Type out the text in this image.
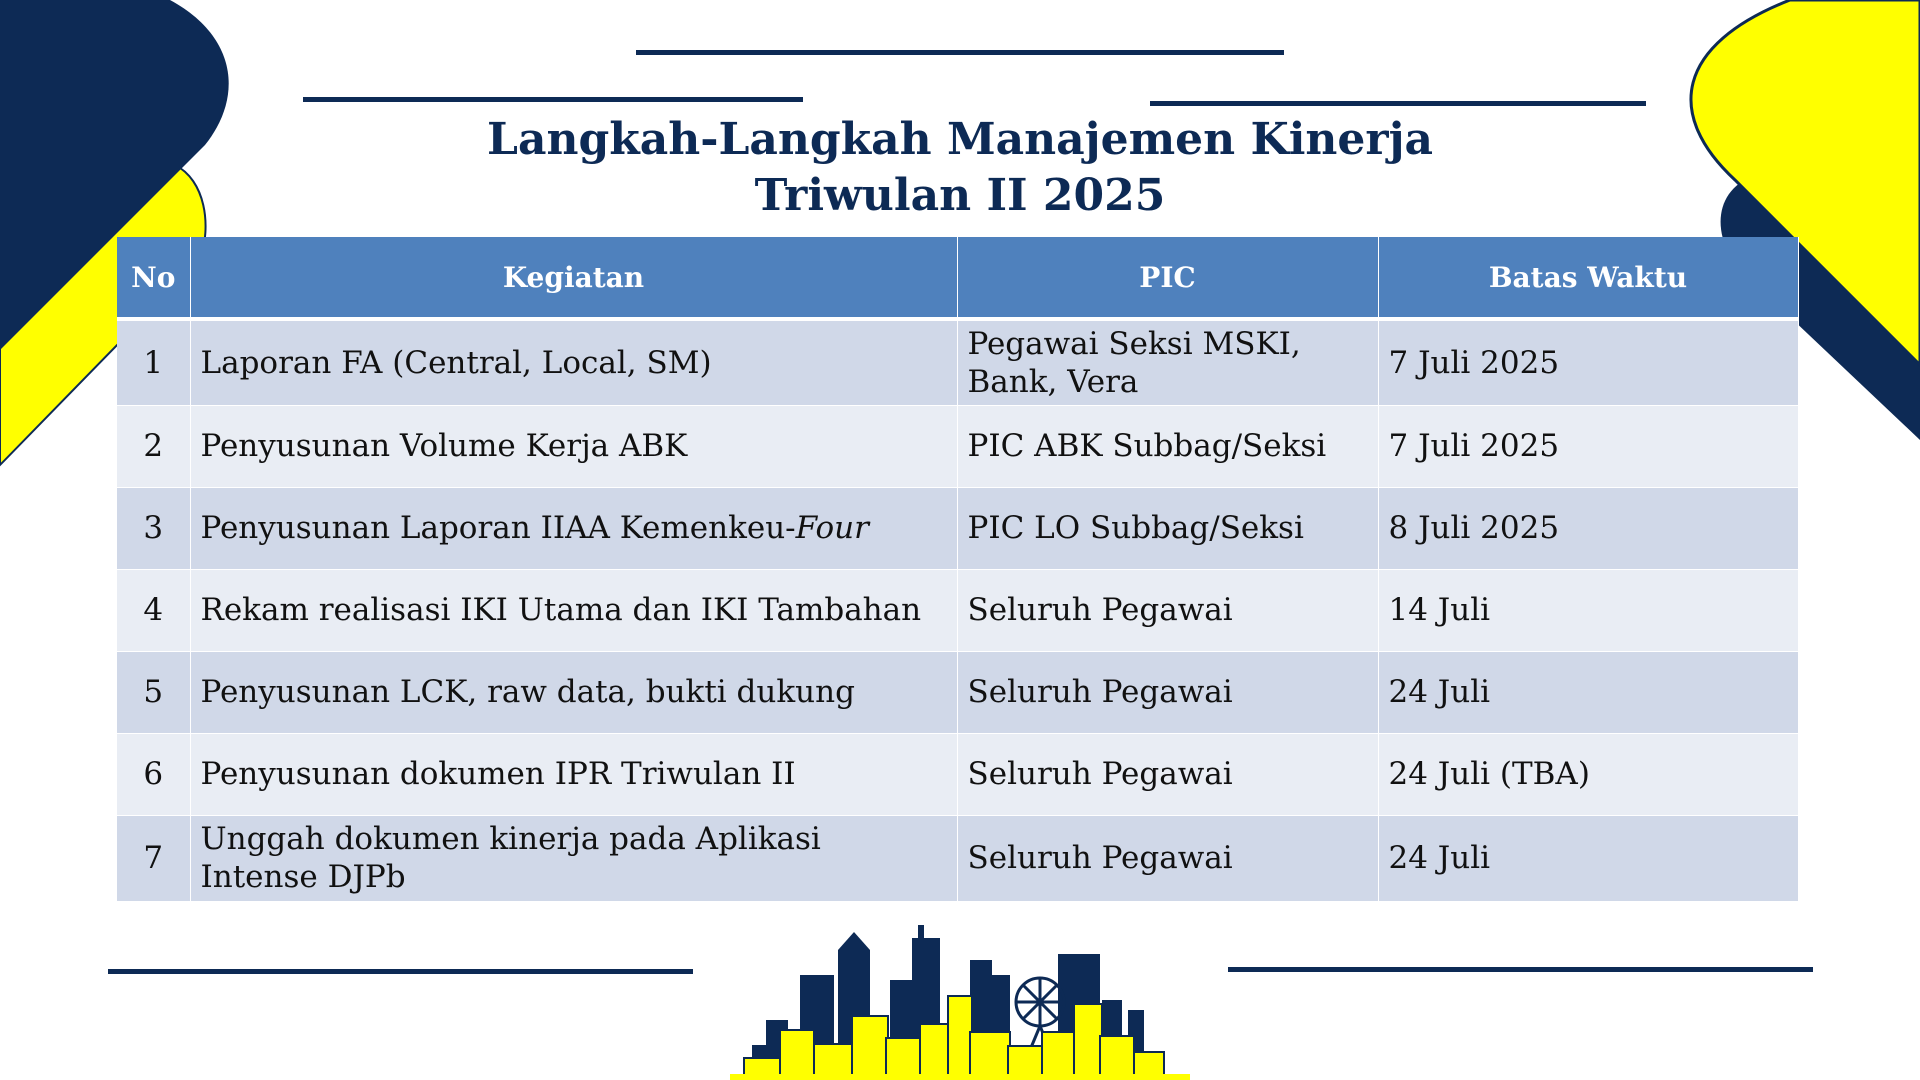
Langkah-Langkah Manajemen Kinerja
Triwulan II 2025
No	Kegiatan	PIC	Batas Waktu
1	Laporan FA (Central, Local, SM)	Pegawai Seksi MSKI, Bank, Vera	7 Juli 2025
2	Penyusunan Volume Kerja ABK	PIC ABK Subbag/Seksi	7 Juli 2025
3	Penyusunan Laporan IIAA Kemenkeu-Four	PIC LO Subbag/Seksi	8 Juli 2025
4	Rekam realisasi IKI Utama dan IKI Tambahan	Seluruh Pegawai	14 Juli
5	Penyusunan LCK, raw data, bukti dukung	Seluruh Pegawai	24 Juli
6	Penyusunan dokumen IPR Triwulan II	Seluruh Pegawai	24 Juli (TBA)
7	Unggah dokumen kinerja pada Aplikasi Intense DJPb	Seluruh Pegawai	24 Juli
